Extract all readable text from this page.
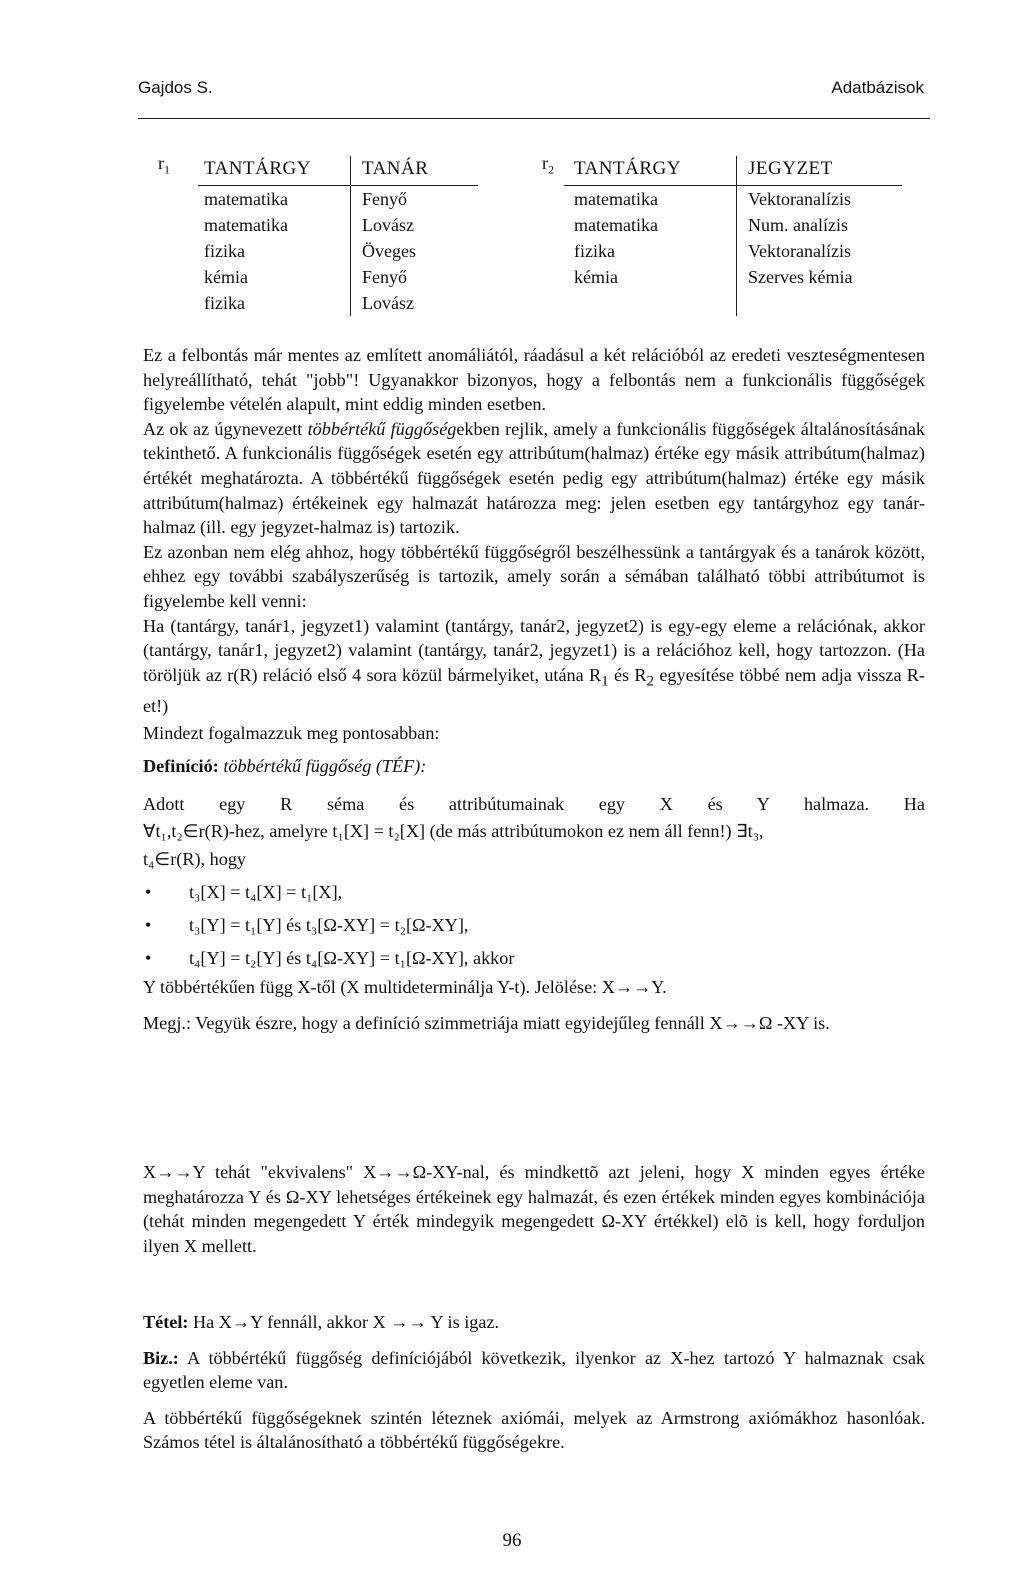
Gajdos S.	Adatbázisok
$r_1$ TANTÁRGY
matematika
matematika
fizika
kémia
fizika
TANÁR
Fenyő
Lovász
Öveges
Fenyő
Lovász
$r_2$ TANTÁRGY
matematika
matematika
fizika
kémia
JEGYZET
Vektoranalízis
Num. analízis
Vektoranalízis
Szerves kémia

Ez a felbontás már mentes az említett anomáliától, ráadásul a két relációból az eredeti veszteségmentesen helyreállítható, tehát "jobb"! Ugyanakkor bizonyos, hogy a felbontás nem a funkcionális függőségek figyelembe vételén alapult, mint eddig minden esetben.

Az ok az úgynevezett többértékű függőségekben rejlik, amely a funkcionális függőségek általánosításának tekinthető. A funkcionális függőségek esetén egy attribútum(halmaz) értéke egy másik attribútum(halmaz) értékét meghatározta. A többértékű függőségek esetén pedig egy attribútum(halmaz) értéke egy másik attribútum(halmaz) értékeinek egy halmazát határozza meg: jelen esetben egy tantárgyhoz egy tanár-halmaz (ill. egy jegyzet-halmaz is) tartozik.

Ez azonban nem elég ahhoz, hogy többértékű függőségről beszélhessünk a tantárgyak és a tanárok között, ehhez egy további szabályszerűség is tartozik, amely során a sémában található többi attribútumot is figyelembe kell venni:

Ha (tantárgy, tanár1, jegyzet1) valamint (tantárgy, tanár2, jegyzet2) is egy-egy eleme a relációnak, akkor (tantárgy, tanár1, jegyzet2) valamint (tantárgy, tanár2, jegyzet1) is a relációhoz kell, hogy tartozzon. (Ha töröljük az r(R) reláció első 4 sora közül bármelyiket, utána $R_1$ és $R_2$ egyesítése többé nem adja vissza R-et!)

Mindezt fogalmazzuk meg pontosabban:

Definíció: többértékű függőség (TÉF):

Adott egy R séma és attribútumainak egy X és Y halmaza. Ha

∀t₁,t₂∈r(R)-hez, amelyre t₁[X] = t₂[X] (de más attribútumokon ez nem áll fenn!) ∃t₃,

t₄∈r(R), hogy

• t₃[X] = t₄[X] = t₁[X],
• t₃[Y] = t₁[Y] és t₃[Ω-XY] = t₂[Ω-XY],
• t₄[Y] = t₂[Y] és t₄[Ω-XY] = t₁[Ω-XY], akkor

Y többértékűen függ X-től (X multideterminálja Y-t). Jelölése: X→→Y.

Megj.: Vegyük észre, hogy a definíció szimmetriája miatt egyidejűleg fennáll X→→Ω -XY is.

X→→Y tehát "ekvivalens" X→→Ω-XY-nal, és mindkettõ azt jeleni, hogy X minden egyes értéke meghatározza Y és Ω-XY lehetséges értékeinek egy halmazát, és ezen értékek minden egyes kombinációja (tehát minden megengedett Y érték mindegyik megengedett Ω-XY értékkel) elõ is kell, hogy forduljon ilyen X mellett.

Tétel: Ha X→Y fennáll, akkor X →→ Y is igaz.

Biz.: A többértékű függőség definíciójából következik, ilyenkor az X-hez tartozó Y halmaznak csak egyetlen eleme van.

A többértékű függőségeknek szintén léteznek axiómái, melyek az Armstrong axiómákhoz hasonlóak. Számos tétel is általánosítható a többértékű függőségekre.

96
